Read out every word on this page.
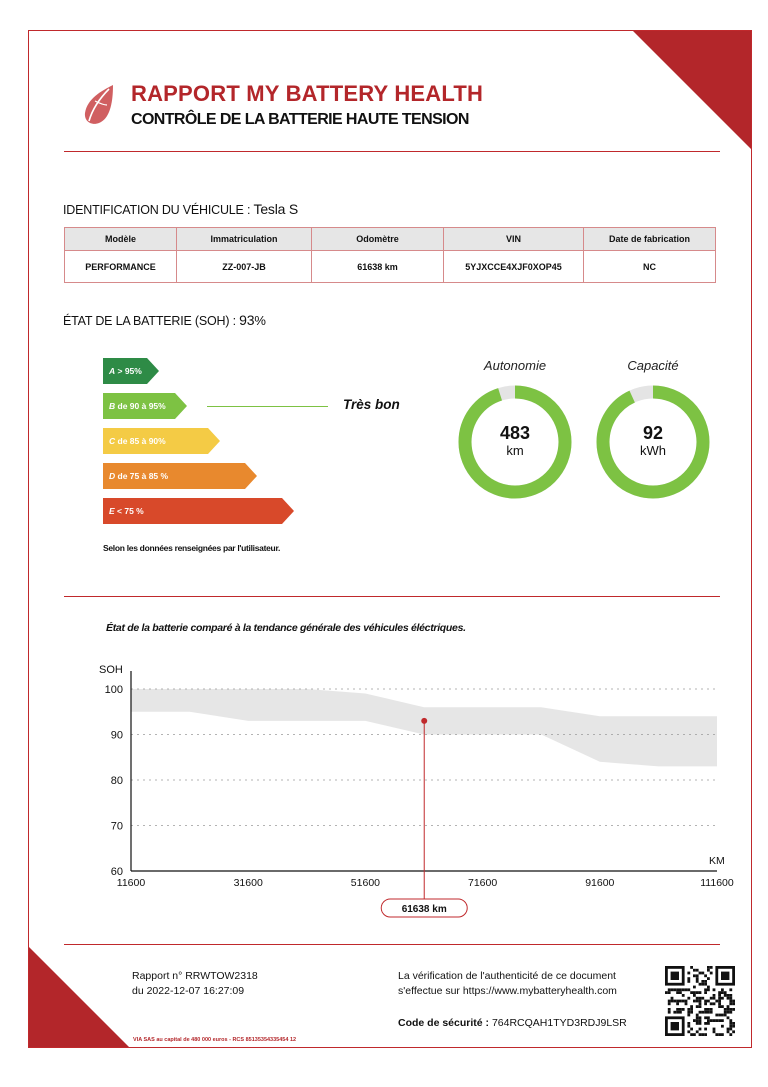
RAPPORT MY BATTERY HEALTH
CONTRÔLE DE LA BATTERIE HAUTE TENSION
IDENTIFICATION DU VÉHICULE : Tesla S
Modèle	Immatriculation	Odomètre	VIN	Date de fabrication
PERFORMANCE	ZZ-007-JB	61638 km	5YJXCCE4XJF0XOP45	NC
ÉTAT DE LA BATTERIE (SOH) : 93%
A > 95%
B de 90 à 95%
C de 85 à 90%
D de 75 à 85 %
E < 75 %
Très bon
Selon les données renseignées par l'utilisateur.
Autonomie
483
km
Capacité
92
kWh
État de la batterie comparé à la tendance générale des véhicules éléctriques.
100
90
80
70
60
11600	31600	51600	71600	91600	111600
SOH
KM
61638 km
Rapport n° RRWTOW2318
du 2022-12-07 16:27:09
La vérification de l'authenticité de ce document
s'effectue sur https://www.mybatteryhealth.com
Code de sécurité : 764RCQAH1TYD3RDJ9LSR
VIA SAS au capital de 480 000 euros - RCS 85135354335454 12
